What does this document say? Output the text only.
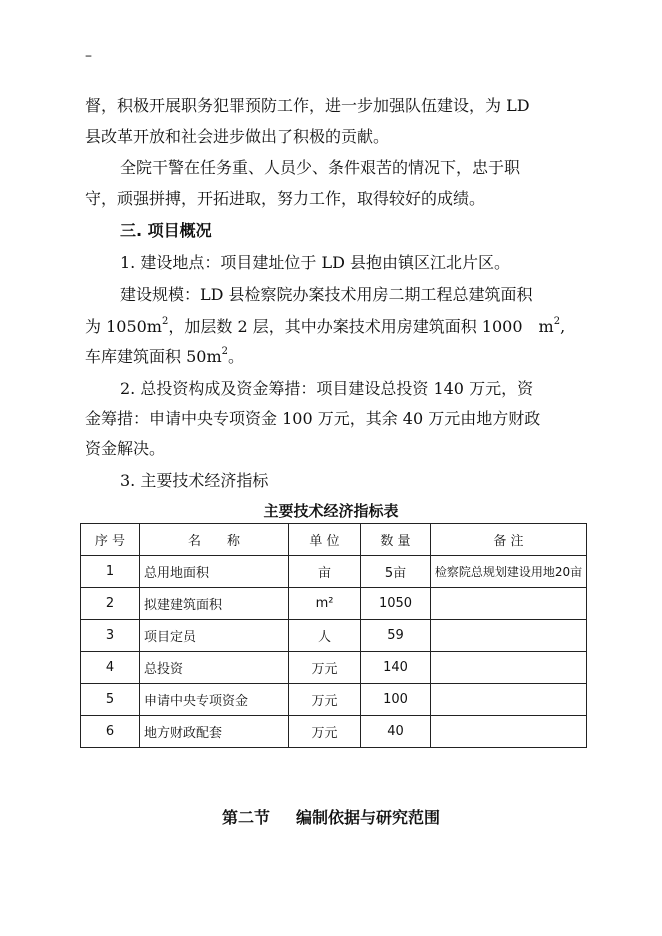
–
督，积极开展职务犯罪预防工作，进一步加强队伍建设，为 LD
县改革开放和社会进步做出了积极的贡献。
全院干警在任务重、人员少、条件艰苦的情况下，忠于职
守，顽强拼搏，开拓进取，努力工作，取得较好的成绩。
三. 项目概况
1. 建设地点：项目建址位于 LD 县抱由镇区江北片区。
建设规模：LD 县检察院办案技术用房二期工程总建筑面积
为 $1050m^2$，加层数 2 层，其中办案技术用房建筑面积 1000　$m^2$,
车库建筑面积 $50m^2$。
2. 总投资构成及资金筹措：项目建设总投资 140 万元，资
金筹措：申请中央专项资金 100 万元，其余 40 万元由地方财政
资金解决。
3. 主要技术经济指标
主要技术经济指标表
序 号	名　　称	单 位	数 量	备 注
1	总用地面积	亩	5亩	检察院总规划建设用地20亩
2	拟建建筑面积	m²	1050	
3	项目定员	人	59	
4	总投资	万元	140	
5	申请中央专项资金	万元	100	
6	地方财政配套	万元	40	
第二节 编制依据与研究范围
